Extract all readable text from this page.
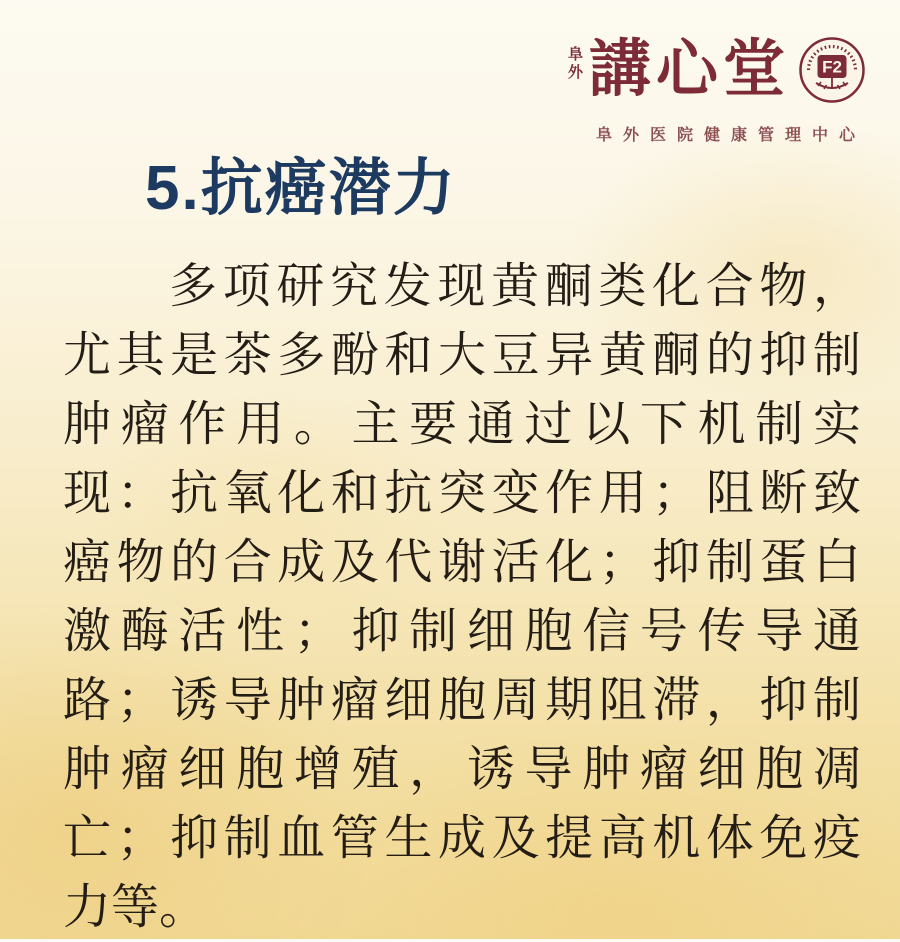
阜外 講心堂 F2
阜外医院健康管理中心
5.抗癌潜力
多项研究发现黄酮类化合物，
尤其是茶多酚和大豆异黄酮的抑制
肿瘤作用。主要通过以下机制实
现：抗氧化和抗突变作用；阻断致
癌物的合成及代谢活化；抑制蛋白
激酶活性；抑制细胞信号传导通
路；诱导肿瘤细胞周期阻滞，抑制
肿瘤细胞增殖，诱导肿瘤细胞凋
亡；抑制血管生成及提高机体免疫
力等。
